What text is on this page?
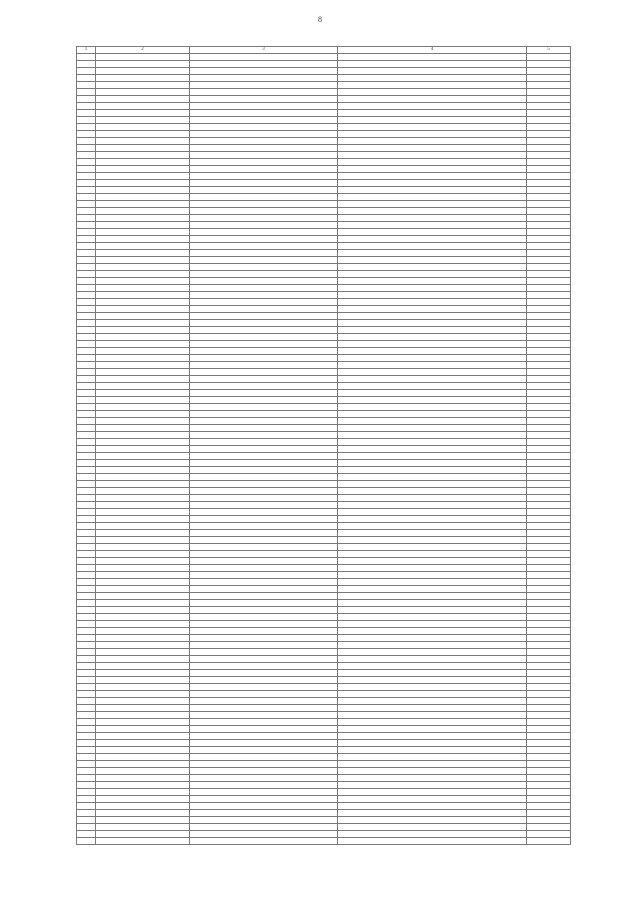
8
1	2	3	4	5
